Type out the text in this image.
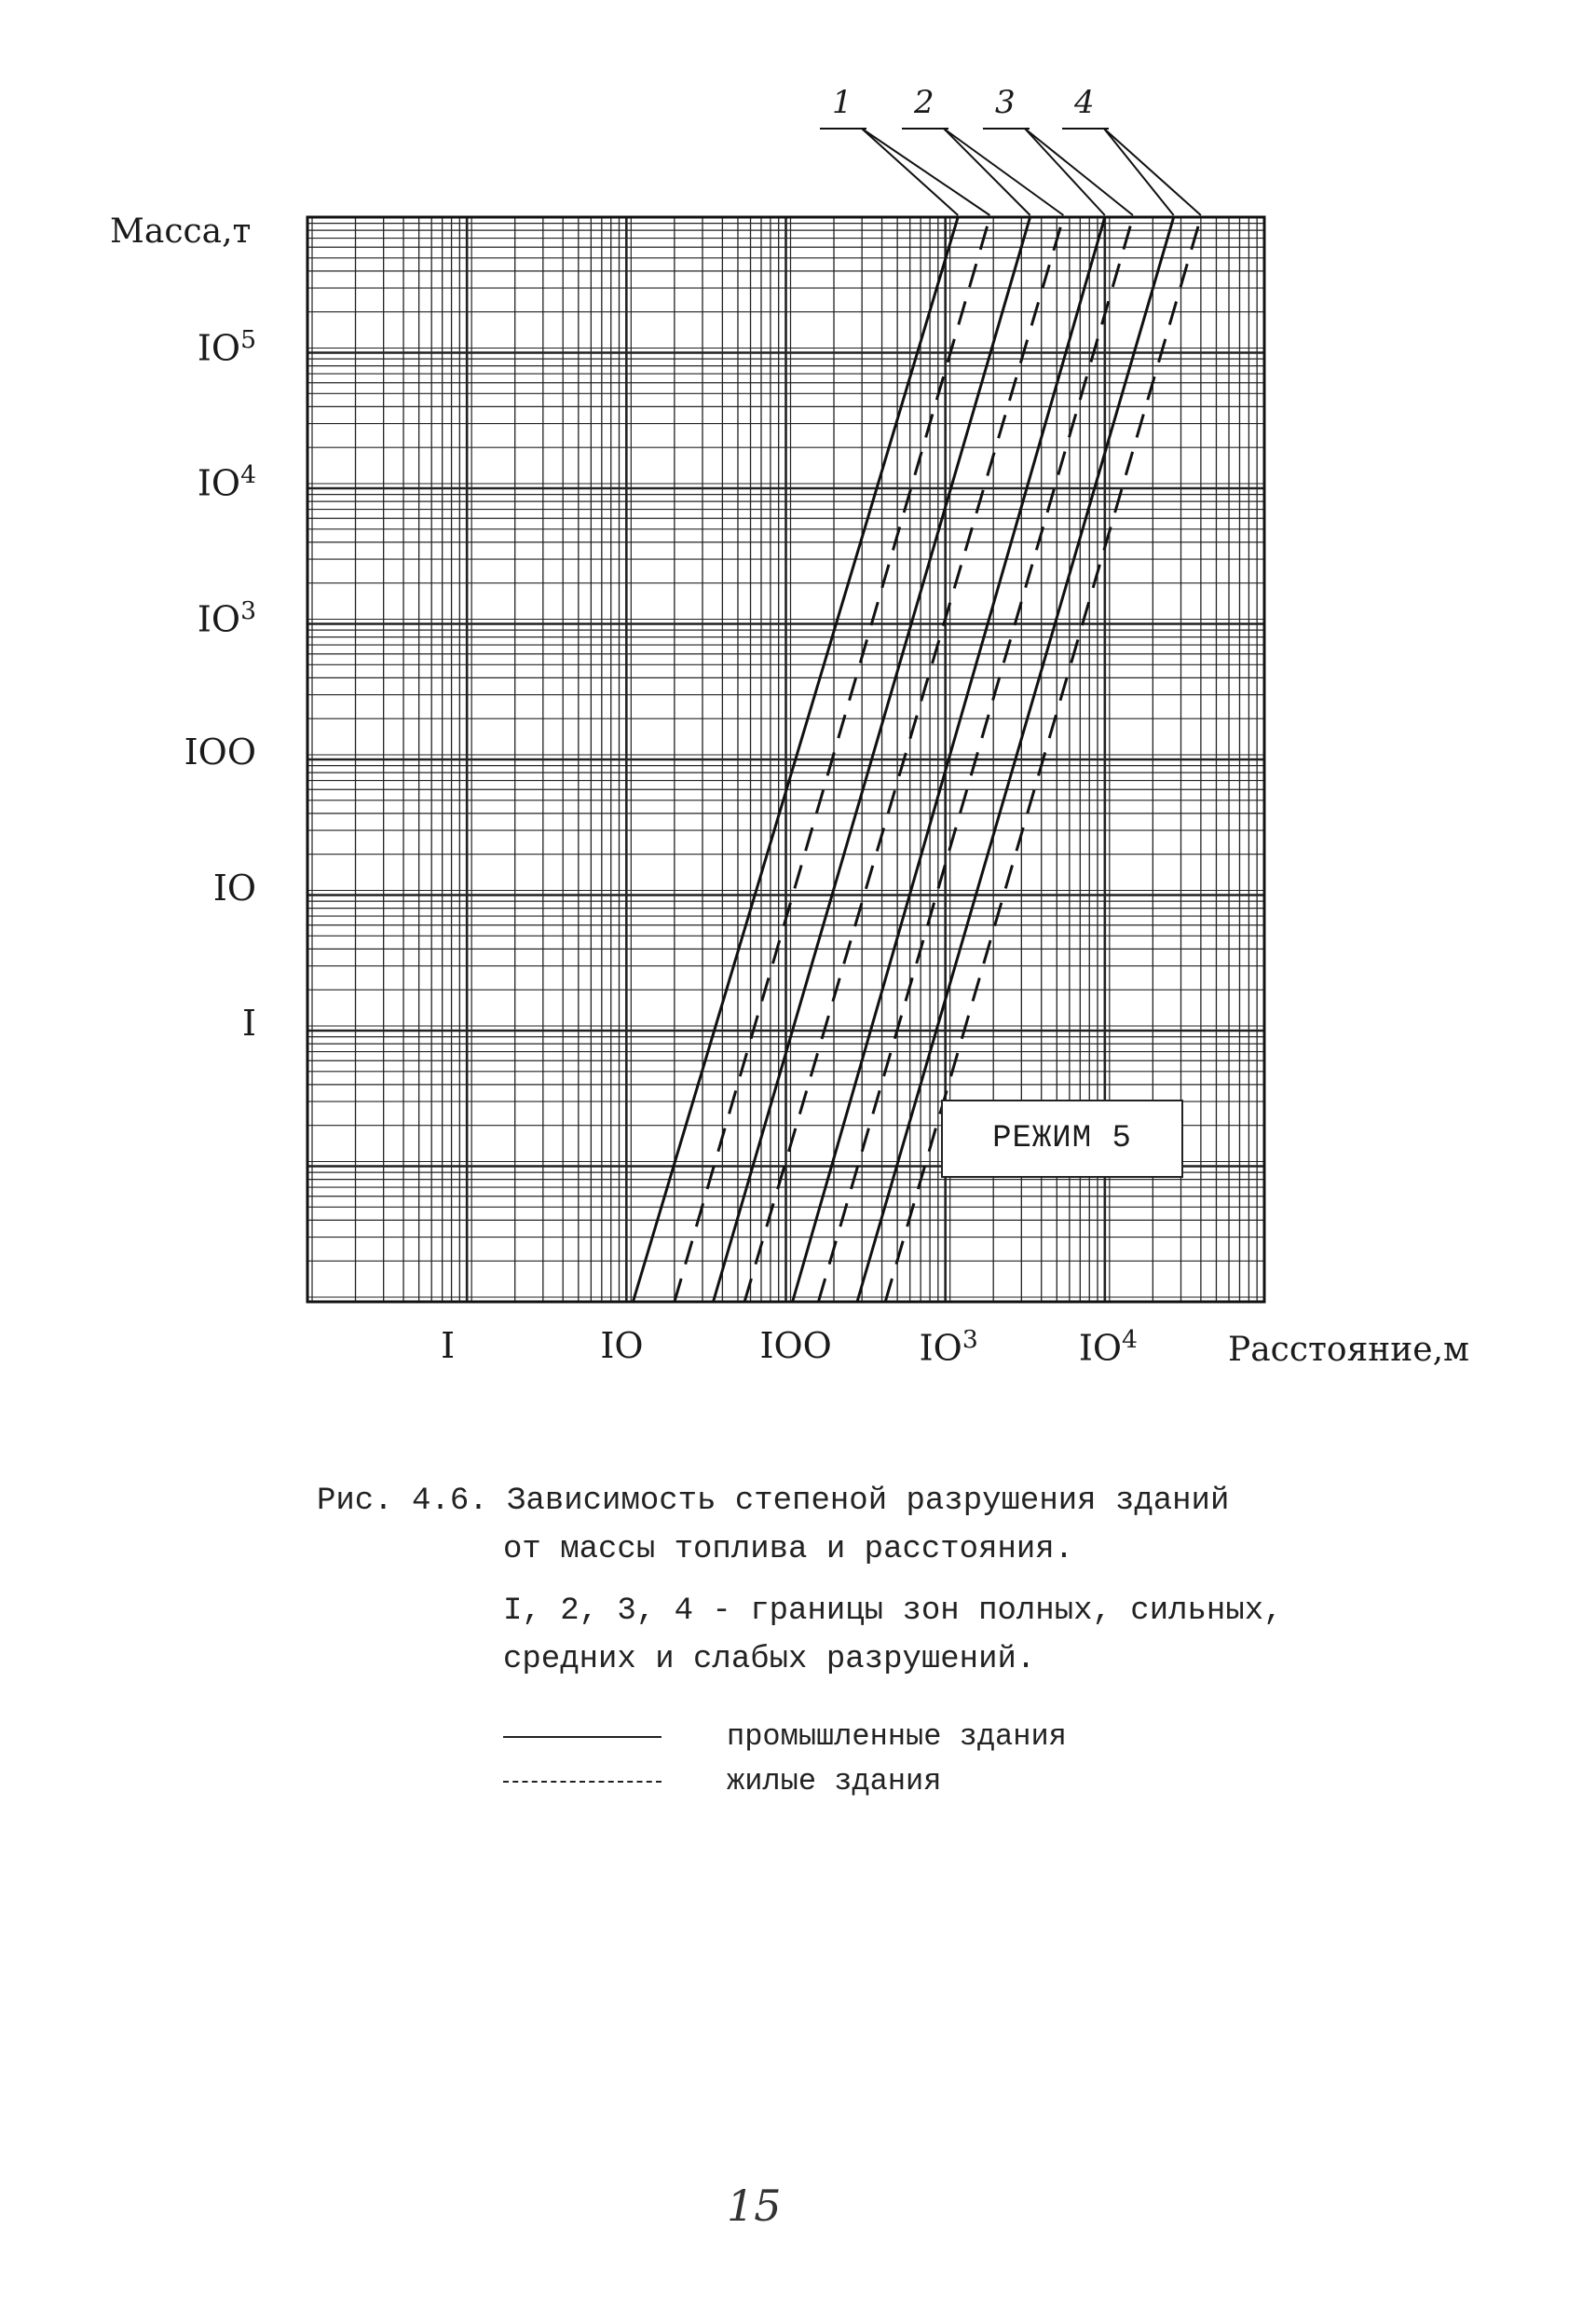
Масса,т
Расстояние,м
I
IO
IOO
$IO^3$
$IO^4$
$IO^5$
I	IO	IOO $IO^3$	$IO^4$
1 2 3 4
РЕЖИМ 5

Рис. 4.6. Зависимость степеной разрушения зданий

от массы топлива и расстояния.

I, 2, 3, 4 - границы зон полных, сильных,

средних и слабых разрушений.

промышленные здания
жилые здания
15
